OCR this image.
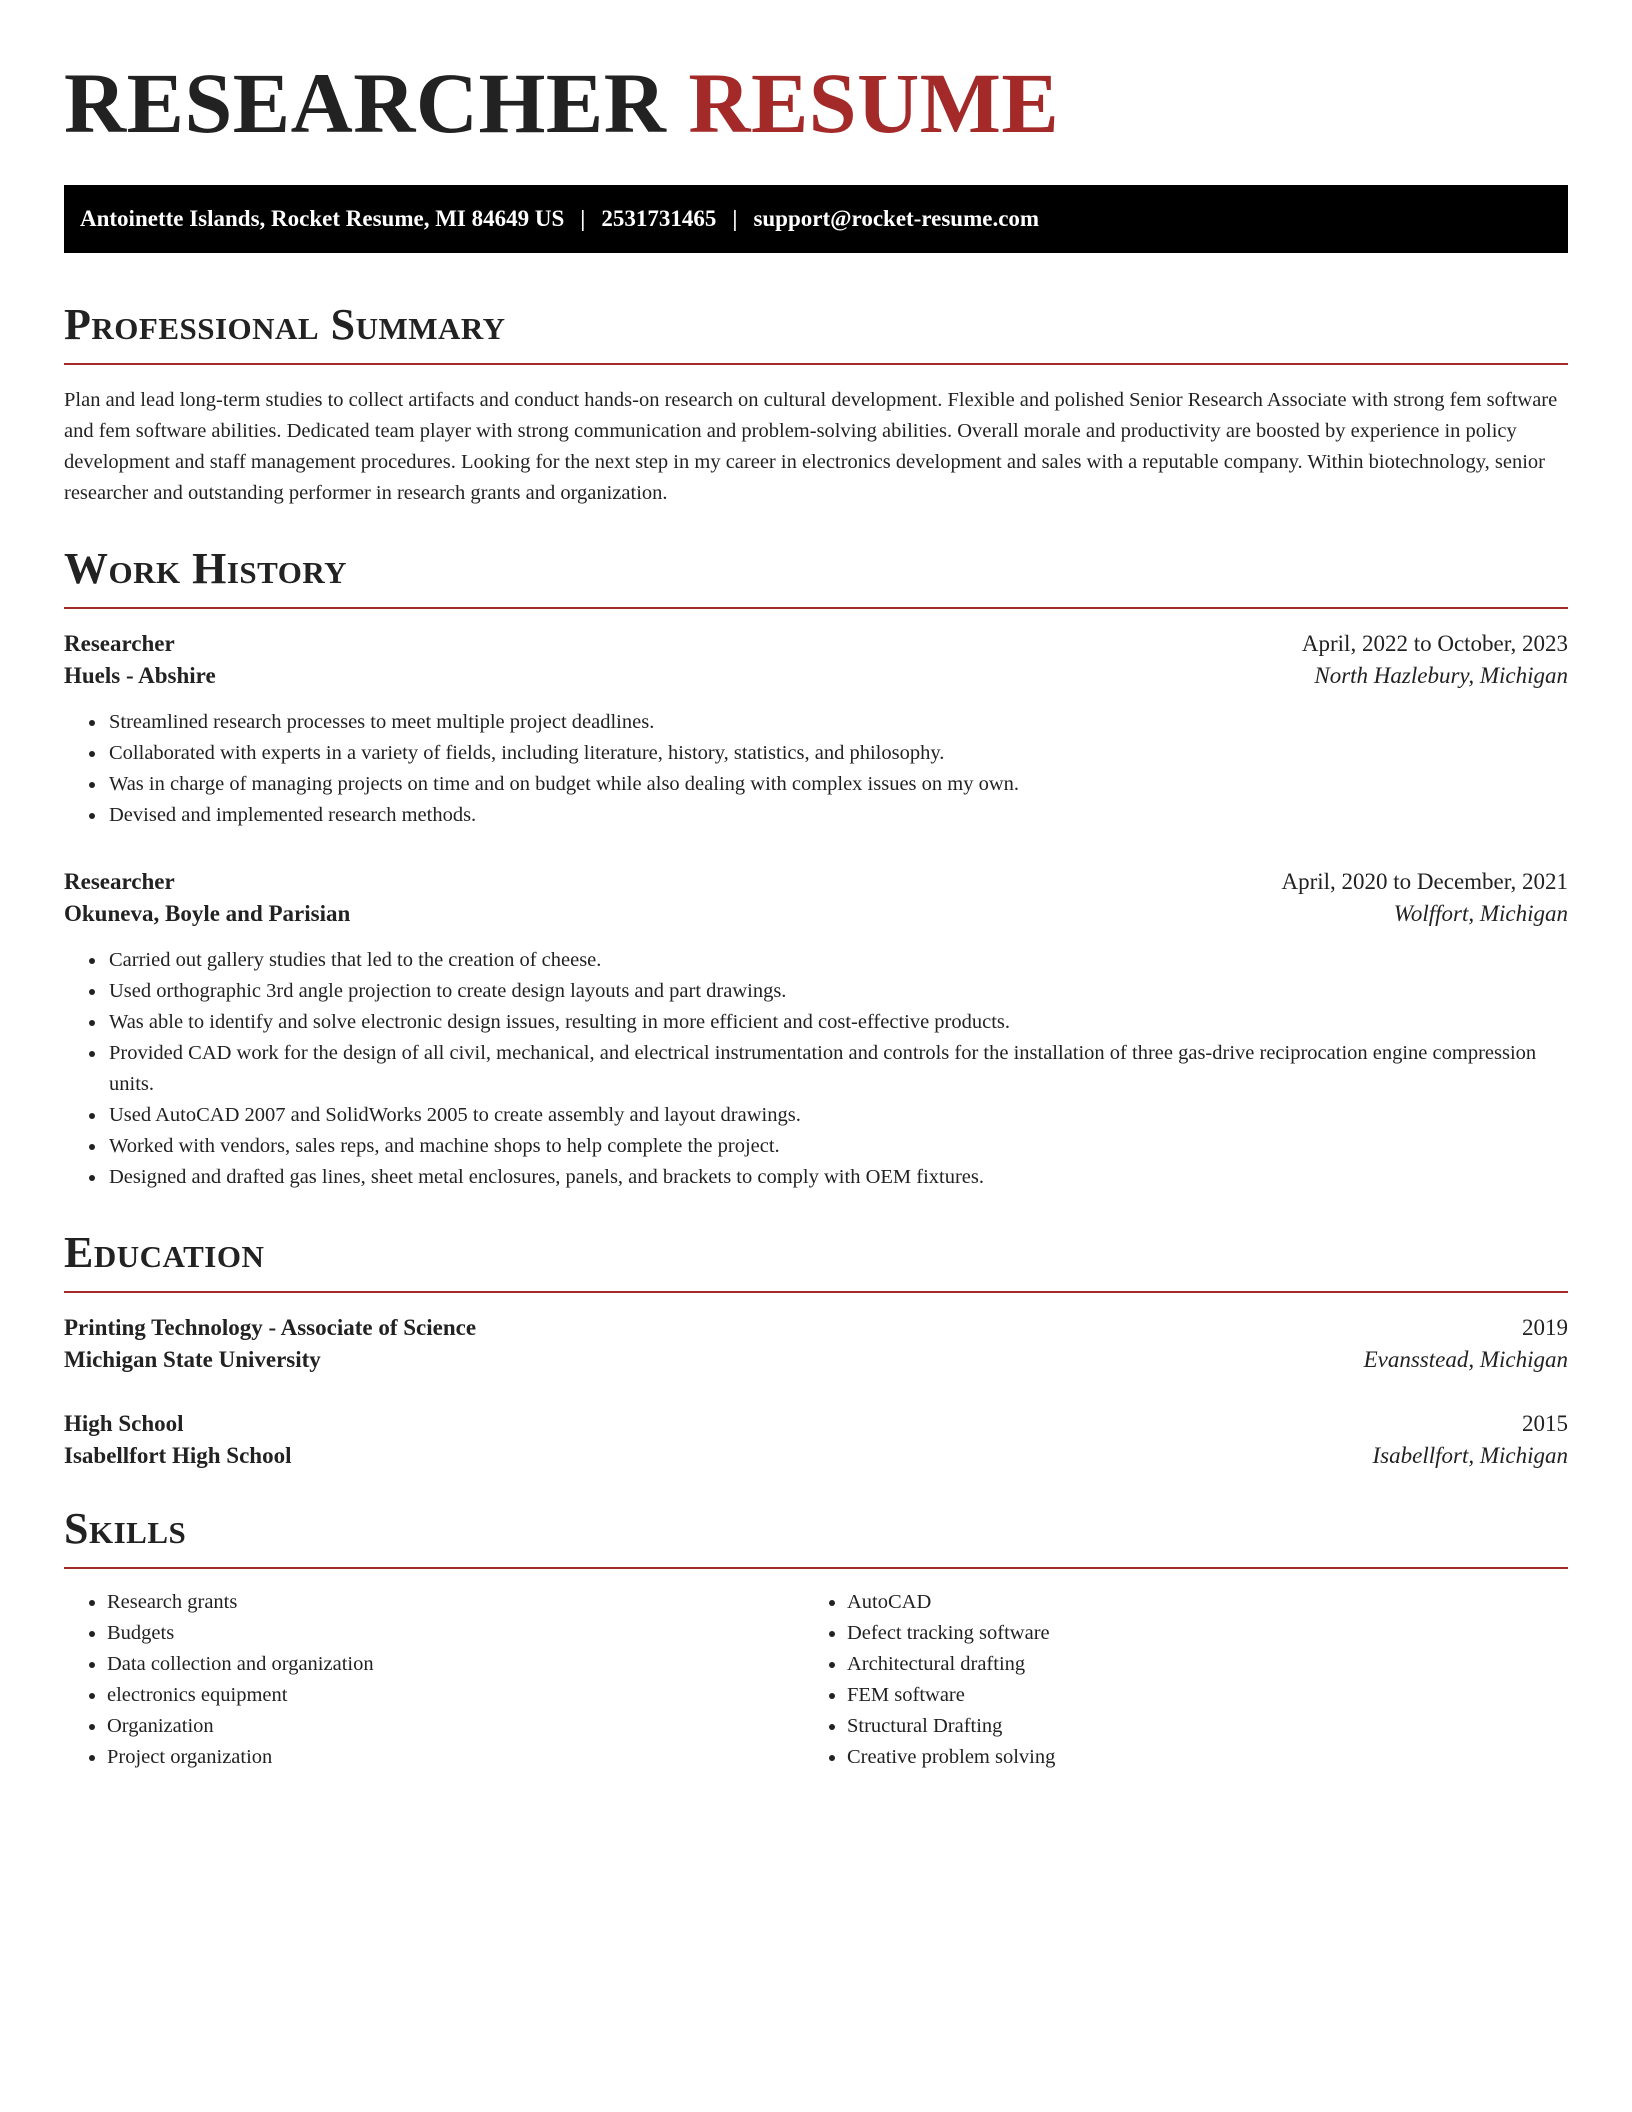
RESEARCHER RESUME
Antoinette Islands, Rocket Resume, MI 84649 US | 2531731465 | support@rocket-resume.com
Professional Summary

Plan and lead long-term studies to collect artifacts and conduct hands-on research on cultural development. Flexible and polished Senior Research Associate with strong fem software and fem software abilities. Dedicated team player with strong communication and problem-solving abilities. Overall morale and productivity are boosted by experience in policy development and staff management procedures. Looking for the next step in my career in electronics development and sales with a reputable company. Within biotechnology, senior researcher and outstanding performer in research grants and organization.

Work History
Researcher	April, 2022 to October, 2023
Huels - Abshire	North Hazlebury, Michigan
• Streamlined research processes to meet multiple project deadlines.
• Collaborated with experts in a variety of fields, including literature, history, statistics, and philosophy.
• Was in charge of managing projects on time and on budget while also dealing with complex issues on my own.
• Devised and implemented research methods.
Researcher	April, 2020 to December, 2021
Okuneva, Boyle and Parisian	Wolffort, Michigan
• Carried out gallery studies that led to the creation of cheese.
• Used orthographic 3rd angle projection to create design layouts and part drawings.
• Was able to identify and solve electronic design issues, resulting in more efficient and cost-effective products.
• Provided CAD work for the design of all civil, mechanical, and electrical instrumentation and controls for the installation of three gas-drive reciprocation engine compression units.
• Used AutoCAD 2007 and SolidWorks 2005 to create assembly and layout drawings.
• Worked with vendors, sales reps, and machine shops to help complete the project.
• Designed and drafted gas lines, sheet metal enclosures, panels, and brackets to comply with OEM fixtures.
Education
Printing Technology - Associate of Science	2019
Michigan State University	Evansstead, Michigan
High School	2015
Isabellfort High School	Isabellfort, Michigan
Skills
• Research grants
• Budgets
• Data collection and organization
• electronics equipment
• Organization
• Project organization
• AutoCAD
• Defect tracking software
• Architectural drafting
• FEM software
• Structural Drafting
• Creative problem solving
